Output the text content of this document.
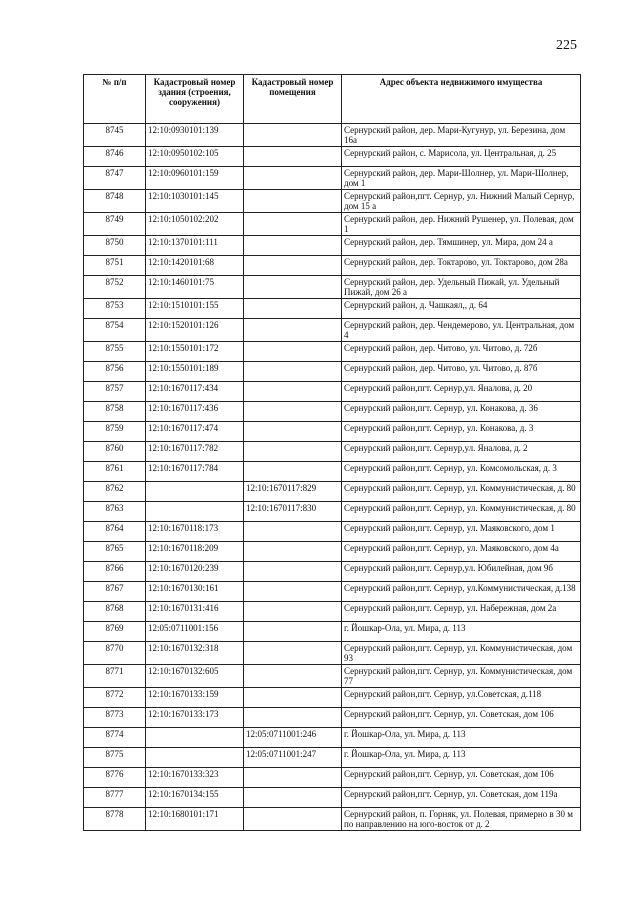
225
№ п/п	Кадастровый номер здания (строения, сооружения)	Кадастровый номер помещения	Адрес объекта недвижимого имущества
8745	12:10:0930101:139		Сернурский район, дер. Мари-Кугунур, ул. Березина, дом 16а
8746	12:10:0950102:105		Сернурский район, с. Марисола, ул. Центральная, д. 25
8747	12:10:0960101:159		Сернурский район, дер. Мари-Шолнер, ул. Мари-Шолнер, дом 1
8748	12:10:1030101:145		Сернурский район,пгт. Сернур, ул. Нижний Малый Сернур, дом 15 а
8749	12:10:1050102:202		Сернурский район, дер. Нижний Рушенер, ул. Полевая, дом 1
8750	12:10:1370101:111		Сернурский район, дер. Тямшинер, ул. Мира, дом 24 а
8751	12:10:1420101:68		Сернурский район, дер. Токтарово, ул. Токтарово, дом 28а
8752	12:10:1460101:75		Сернурский район, дер. Удельный Пижай, ул. Удельный Пижай, дом 26 а
8753	12:10:1510101:155		Сернурский район, д. Чашкаял,, д. 64
8754	12:10:1520101:126		Сернурский район, дер. Чендемерово, ул. Центральная, дом 4
8755	12:10:1550101:172		Сернурский район, дер. Читово, ул. Читово, д. 72б
8756	12:10:1550101:189		Сернурский район, дер. Читово, ул. Читово, д. 87б
8757	12:10:1670117:434		Сернурский район,пгт. Сернур,ул. Яналова, д. 20
8758	12:10:1670117:436		Сернурский район,пгт. Сернур, ул. Конакова, д. 36
8759	12:10:1670117:474		Сернурский район,пгт. Сернур, ул. Конакова, д. 3
8760	12:10:1670117:782		Сернурский район,пгт. Сернур,ул. Яналова, д. 2
8761	12:10:1670117:784		Сернурский район,пгт. Сернур, ул. Комсомольская, д. 3
8762		12:10:1670117:829	Сернурский район,пгт. Сернур, ул. Коммунистическая, д. 80
8763		12:10:1670117:830	Сернурский район,пгт. Сернур, ул. Коммунистическая, д. 80
8764	12:10:1670118:173		Сернурский район,пгт. Сернур, ул. Маяковского, дом 1
8765	12:10:1670118:209		Сернурский район,пгт. Сернур, ул. Маяковского, дом 4а
8766	12:10:1670120:239		Сернурский район,пгт. Сернур,ул. Юбилейная, дом 9б
8767	12:10:1670130:161		Сернурский район,пгт. Сернур, ул.Коммунистическая, д.138
8768	12:10:1670131:416		Сернурский район,пгт. Сернур, ул. Набережная, дом 2а
8769	12:05:0711001:156		г. Йошкар-Ола, ул. Мира, д. 113
8770	12:10:1670132:318		Сернурский район,пгт. Сернур, ул. Коммунистическая, дом 93
8771	12:10:1670132:605		Сернурский район,пгт. Сернур, ул. Коммунистическая, дом 77
8772	12:10:1670133:159		Сернурский район,пгт. Сернур, ул.Советская, д.118
8773	12:10:1670133:173		Сернурский район,пгт. Сернур, ул. Советская, дом 106
8774		12:05:0711001:246	г. Йошкар-Ола, ул. Мира, д. 113
8775		12:05:0711001:247	г. Йошкар-Ола, ул. Мира, д. 113
8776	12:10:1670133:323		Сернурский район,пгт. Сернур, ул. Советская, дом 106
8777	12:10:1670134:155		Сернурский район,пгт. Сернур, ул. Советская, дом 119а
8778	12:10:1680101:171		Сернурский район, п. Горняк, ул. Полевая, примерно в 30 м по направлению на юго-восток от д. 2
